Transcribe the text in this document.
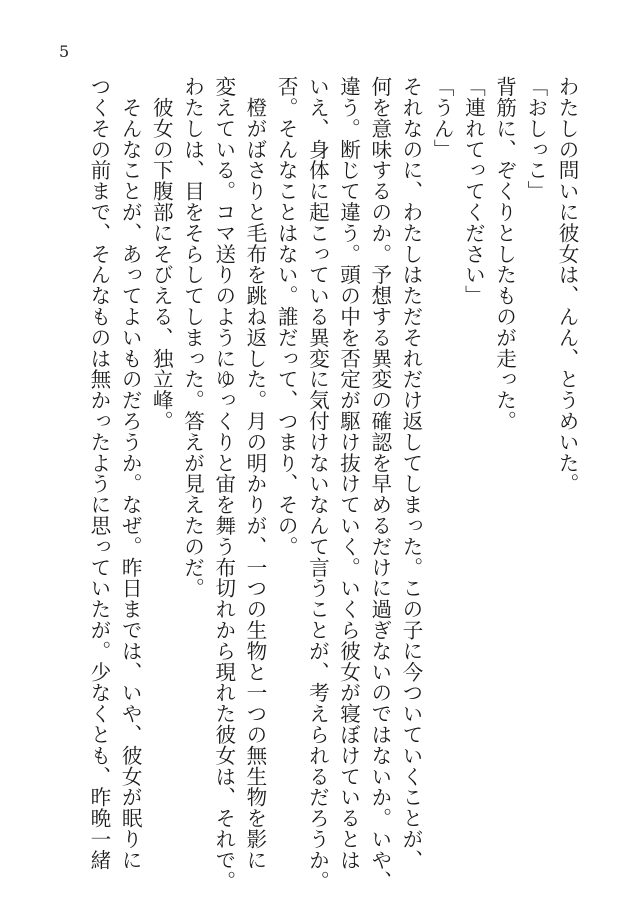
5
わたしの問いに彼女は、んん、とうめいた。
「おしっこ」
背筋に、ぞくりとしたものが走った。
「連れてってください」
「うん」
それなのに、わたしはただそれだけ返してしまった。この子に今ついていくことが、
何を意味するのか。予想する異変の確認を早めるだけに過ぎないのではないか。いや、
違う。断じて違う。頭の中を否定が駆け抜けていく。いくら彼女が寝ぼけているとは
いえ、身体に起こっている異変に気付けないなんて言うことが、考えられるだろうか。
否。そんなことはない。誰だって、つまり、その。
　橙がばさりと毛布を跳ね返した。月の明かりが、一つの生物と一つの無生物を影に
変えている。コマ送りのようにゆっくりと宙を舞う布切れから現れた彼女は、それで。
わたしは、目をそらしてしまった。答えが見えたのだ。
　彼女の下腹部にそびえる、独立峰。
　そんなことが、あってよいものだろうか。なぜ。昨日までは、いや、彼女が眠りに
つくその前まで、そんなものは無かったように思っていたが。少なくとも、昨晩一緒
